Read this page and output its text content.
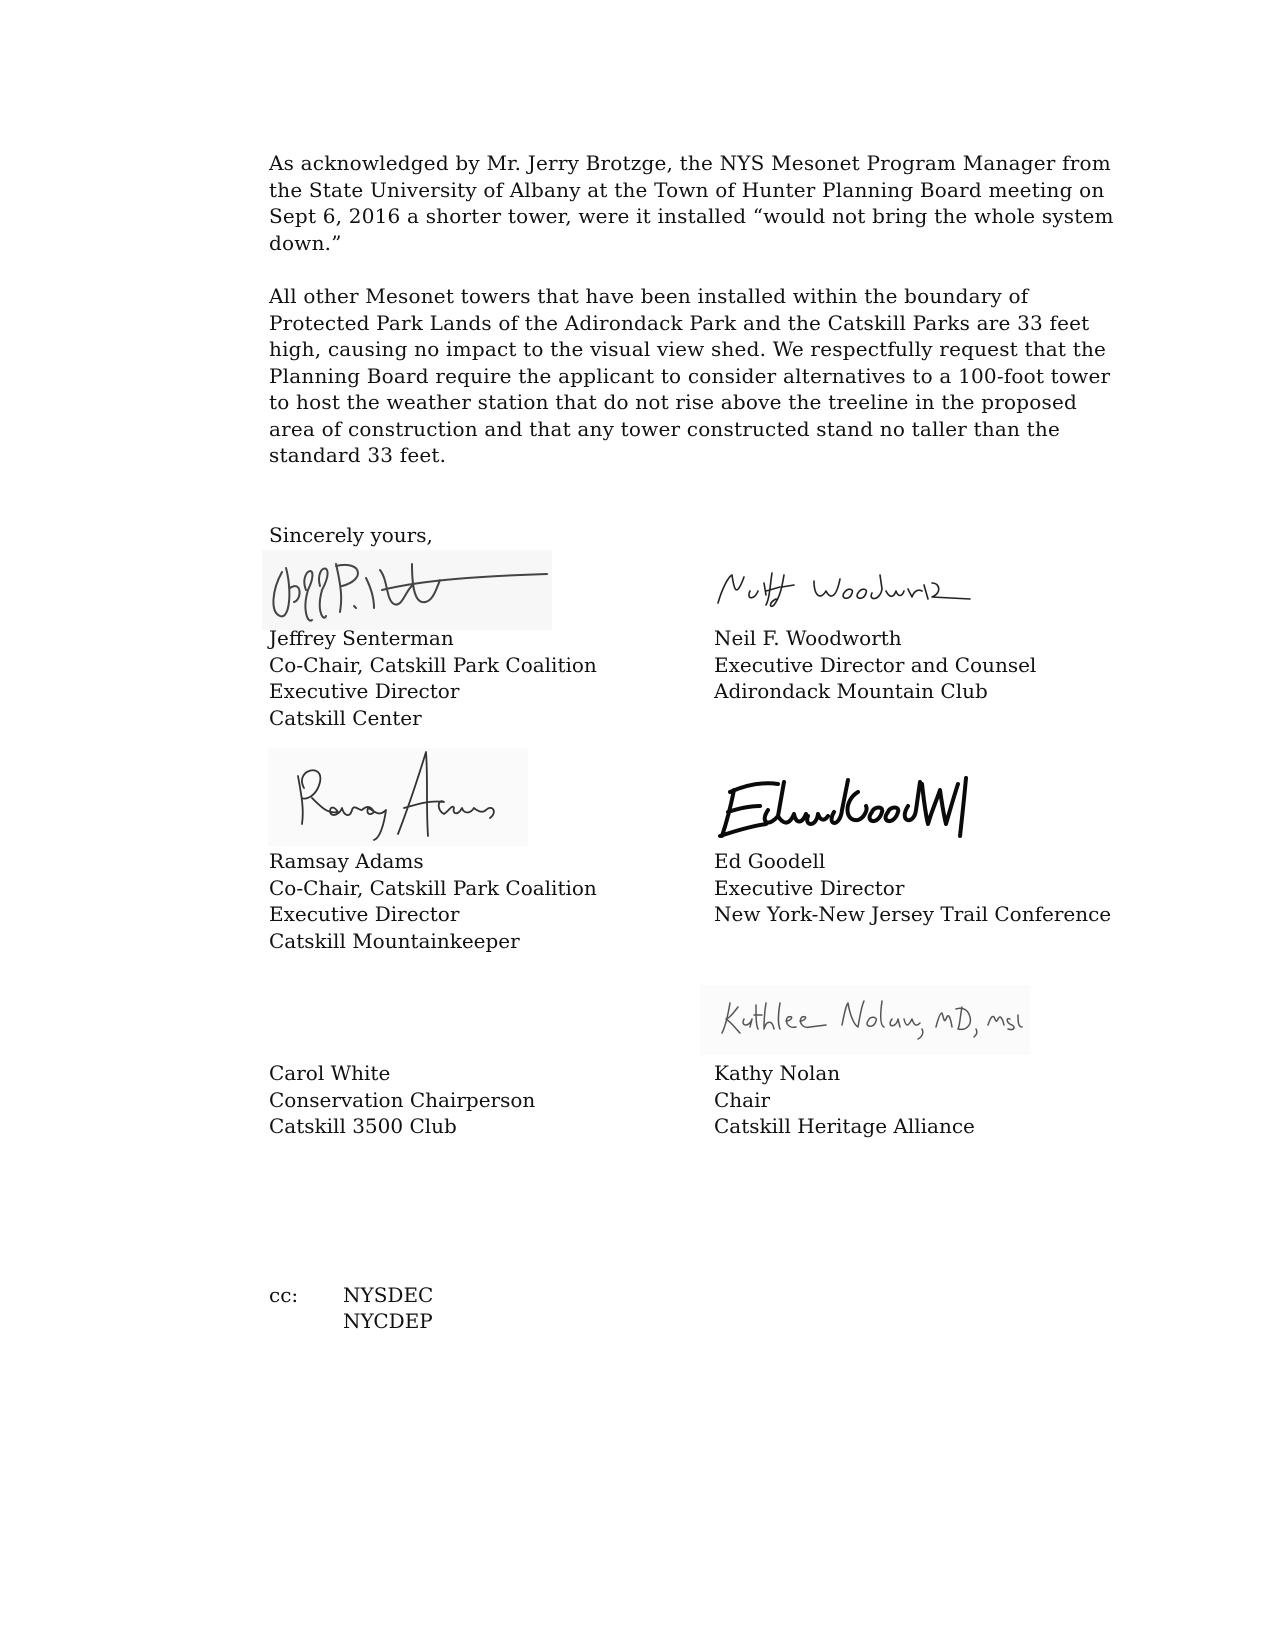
As acknowledged by Mr. Jerry Brotzge, the NYS Mesonet Program Manager from the State University of Albany at the Town of Hunter Planning Board meeting on Sept 6, 2016 a shorter tower, were it installed “would not bring the whole system down.”

All other Mesonet towers that have been installed within the boundary of Protected Park Lands of the Adirondack Park and the Catskill Parks are 33 feet high, causing no impact to the visual view shed. We respectfully request that the Planning Board require the applicant to consider alternatives to a 100-foot tower to host the weather station that do not rise above the treeline in the proposed area of construction and that any tower constructed stand no taller than the standard 33 feet.

Sincerely yours,
Jeffrey Senterman
Co-Chair, Catskill Park Coalition
Executive Director
Catskill Center
Neil F. Woodworth
Executive Director and Counsel
Adirondack Mountain Club
Ramsay Adams
Co-Chair, Catskill Park Coalition
Executive Director
Catskill Mountainkeeper
Ed Goodell
Executive Director
New York-New Jersey Trail Conference
Carol White
Conservation Chairperson
Catskill 3500 Club
Kathy Nolan
Chair
Catskill Heritage Alliance
cc: NYSDEC
NYCDEP
